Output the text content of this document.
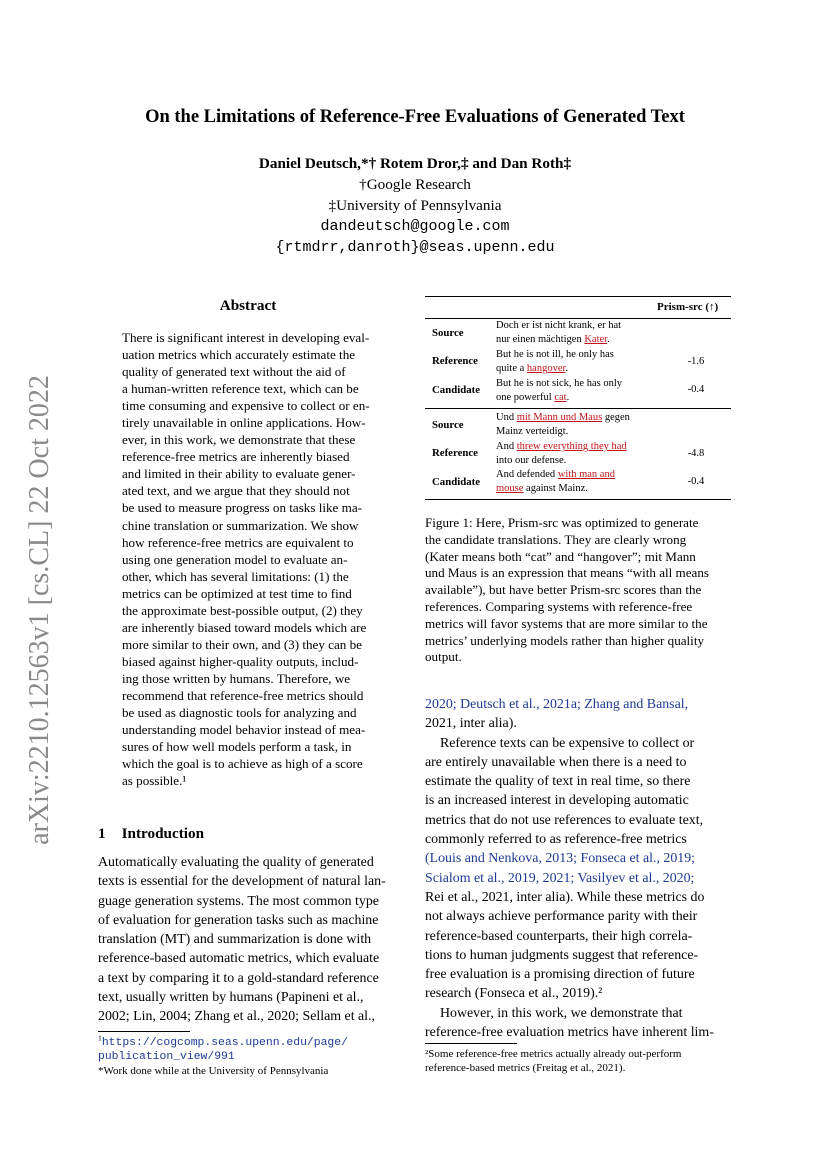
arXiv:2210.12563v1 [cs.CL] 22 Oct 2022
On the Limitations of Reference-Free Evaluations of Generated Text
Daniel Deutsch,*† Rotem Dror,‡ and Dan Roth‡
†Google Research
‡University of Pennsylvania
dandeutsch@google.com
{rtmdrr,danroth}@seas.upenn.edu
Abstract
There is significant interest in developing eval-
uation metrics which accurately estimate the
quality of generated text without the aid of
a human-written reference text, which can be
time consuming and expensive to collect or en-
tirely unavailable in online applications. How-
ever, in this work, we demonstrate that these
reference-free metrics are inherently biased
and limited in their ability to evaluate gener-
ated text, and we argue that they should not
be used to measure progress on tasks like ma-
chine translation or summarization. We show
how reference-free metrics are equivalent to
using one generation model to evaluate an-
other, which has several limitations: (1) the
metrics can be optimized at test time to find
the approximate best-possible output, (2) they
are inherently biased toward models which are
more similar to their own, and (3) they can be
biased against higher-quality outputs, includ-
ing those written by humans. Therefore, we
recommend that reference-free metrics should
be used as diagnostic tools for analyzing and
understanding model behavior instead of mea-
sures of how well models perform a task, in
which the goal is to achieve as high of a score
as possible.¹
1 Introduction
Automatically evaluating the quality of generated
texts is essential for the development of natural lan-
guage generation systems. The most common type
of evaluation for generation tasks such as machine
translation (MT) and summarization is done with
reference-based automatic metrics, which evaluate
a text by comparing it to a gold-standard reference
text, usually written by humans (Papineni et al.,
2002; Lin, 2004; Zhang et al., 2020; Sellam et al.,
$^1$https://cogcomp.seas.upenn.edu/page/
publication_view/991
*Work done while at the University of Pennsylvania
Prism-src (↑)
Source
Doch er ist nicht krank, er hat
nur einen mächtigen Kater.
Reference
But he is not ill, he only has
quite a hangover.
-1.6
Candidate
But he is not sick, he has only
one powerful cat.
-0.4
Source
Und mit Mann und Maus gegen
Mainz verteidigt.
Reference
And threw everything they had
into our defense.
-4.8
Candidate
And defended with man and
mouse against Mainz.
-0.4
Figure 1: Here, Prism-src was optimized to generate
the candidate translations. They are clearly wrong
(Kater means both “cat” and “hangover”; mit Mann
und Maus is an expression that means “with all means
available”), but have better Prism-src scores than the
references. Comparing systems with reference-free
metrics will favor systems that are more similar to the
metrics’ underlying models rather than higher quality
output.
2020; Deutsch et al., 2021a; Zhang and Bansal,
2021, inter alia).
Reference texts can be expensive to collect or
are entirely unavailable when there is a need to
estimate the quality of text in real time, so there
is an increased interest in developing automatic
metrics that do not use references to evaluate text,
commonly referred to as reference-free metrics
(Louis and Nenkova, 2013; Fonseca et al., 2019;
Scialom et al., 2019, 2021; Vasilyev et al., 2020;
Rei et al., 2021, inter alia). While these metrics do
not always achieve performance parity with their
reference-based counterparts, their high correla-
tions to human judgments suggest that reference-
free evaluation is a promising direction of future
research (Fonseca et al., 2019).²
However, in this work, we demonstrate that
reference-free evaluation metrics have inherent lim-
²Some reference-free metrics actually already out-perform
reference-based metrics (Freitag et al., 2021).
